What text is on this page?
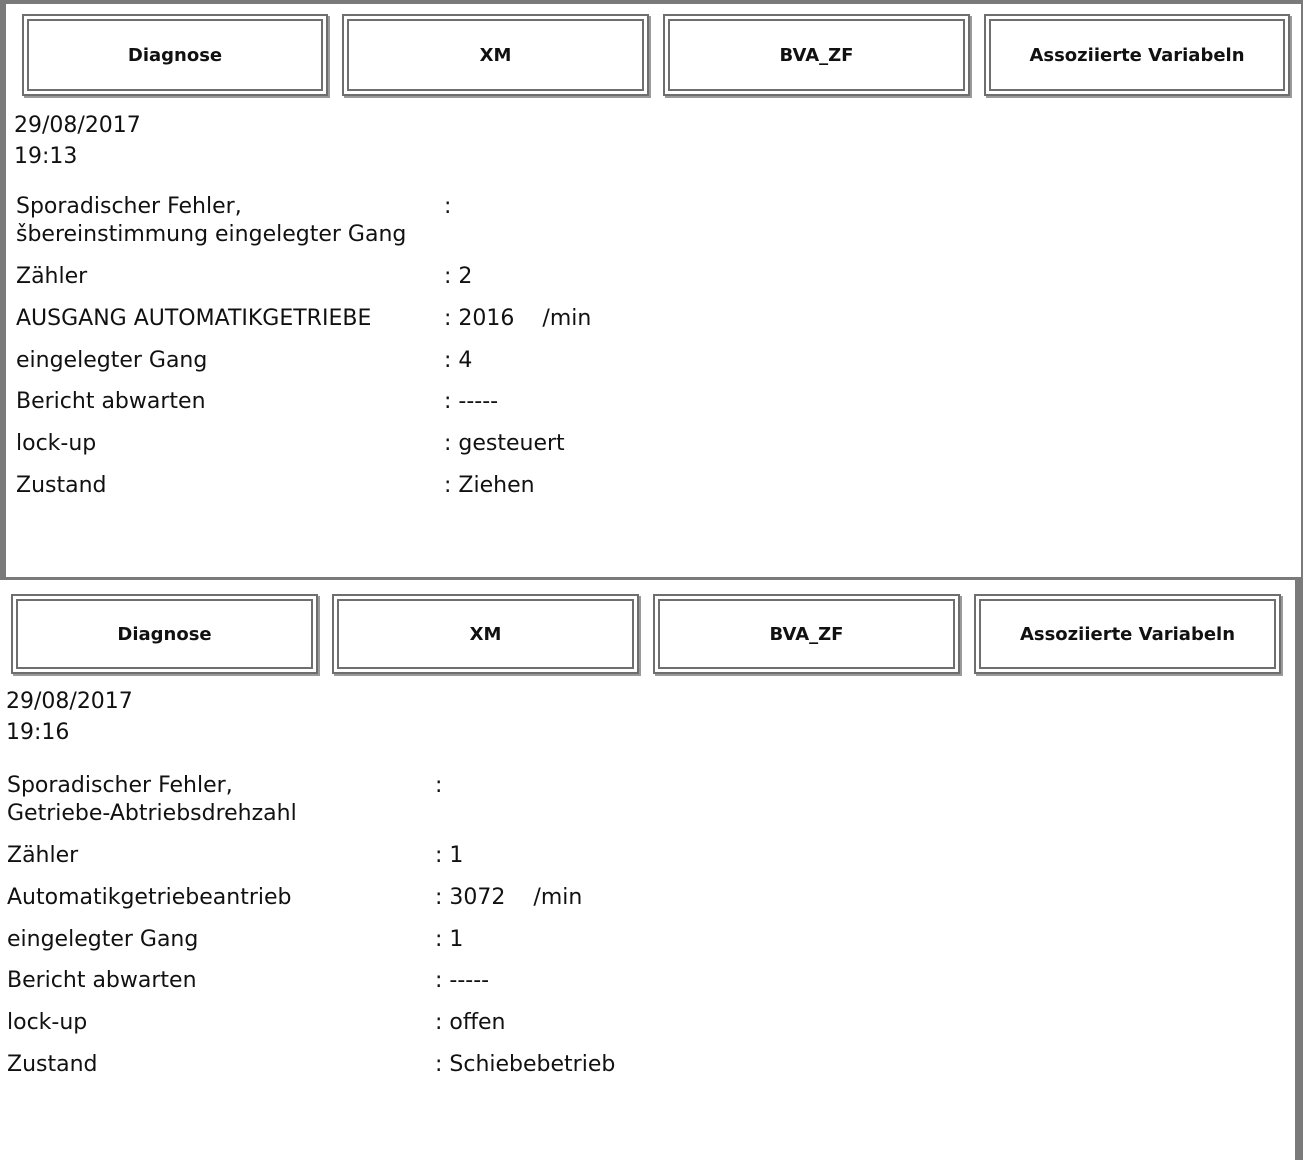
Diagnose	XM	BVA_ZF	Assoziierte Variabeln
29/08/2017
19:13
Sporadischer Fehler, šbereinstimmung eingelegter Gang
:
Zähler	: 2
AUSGANG AUTOMATIKGETRIEBE	: 2016 /min
eingelegter Gang	: 4
Bericht abwarten	: -----
lock-up	: gesteuert
Zustand	: Ziehen
Diagnose	XM	BVA_ZF	Assoziierte Variabeln
29/08/2017
19:16
Sporadischer Fehler, Getriebe-Abtriebsdrehzahl
:
Zähler	: 1
Automatikgetriebeantrieb	: 3072 /min
eingelegter Gang	: 1
Bericht abwarten	: -----
lock-up	: offen
Zustand	: Schiebebetrieb
